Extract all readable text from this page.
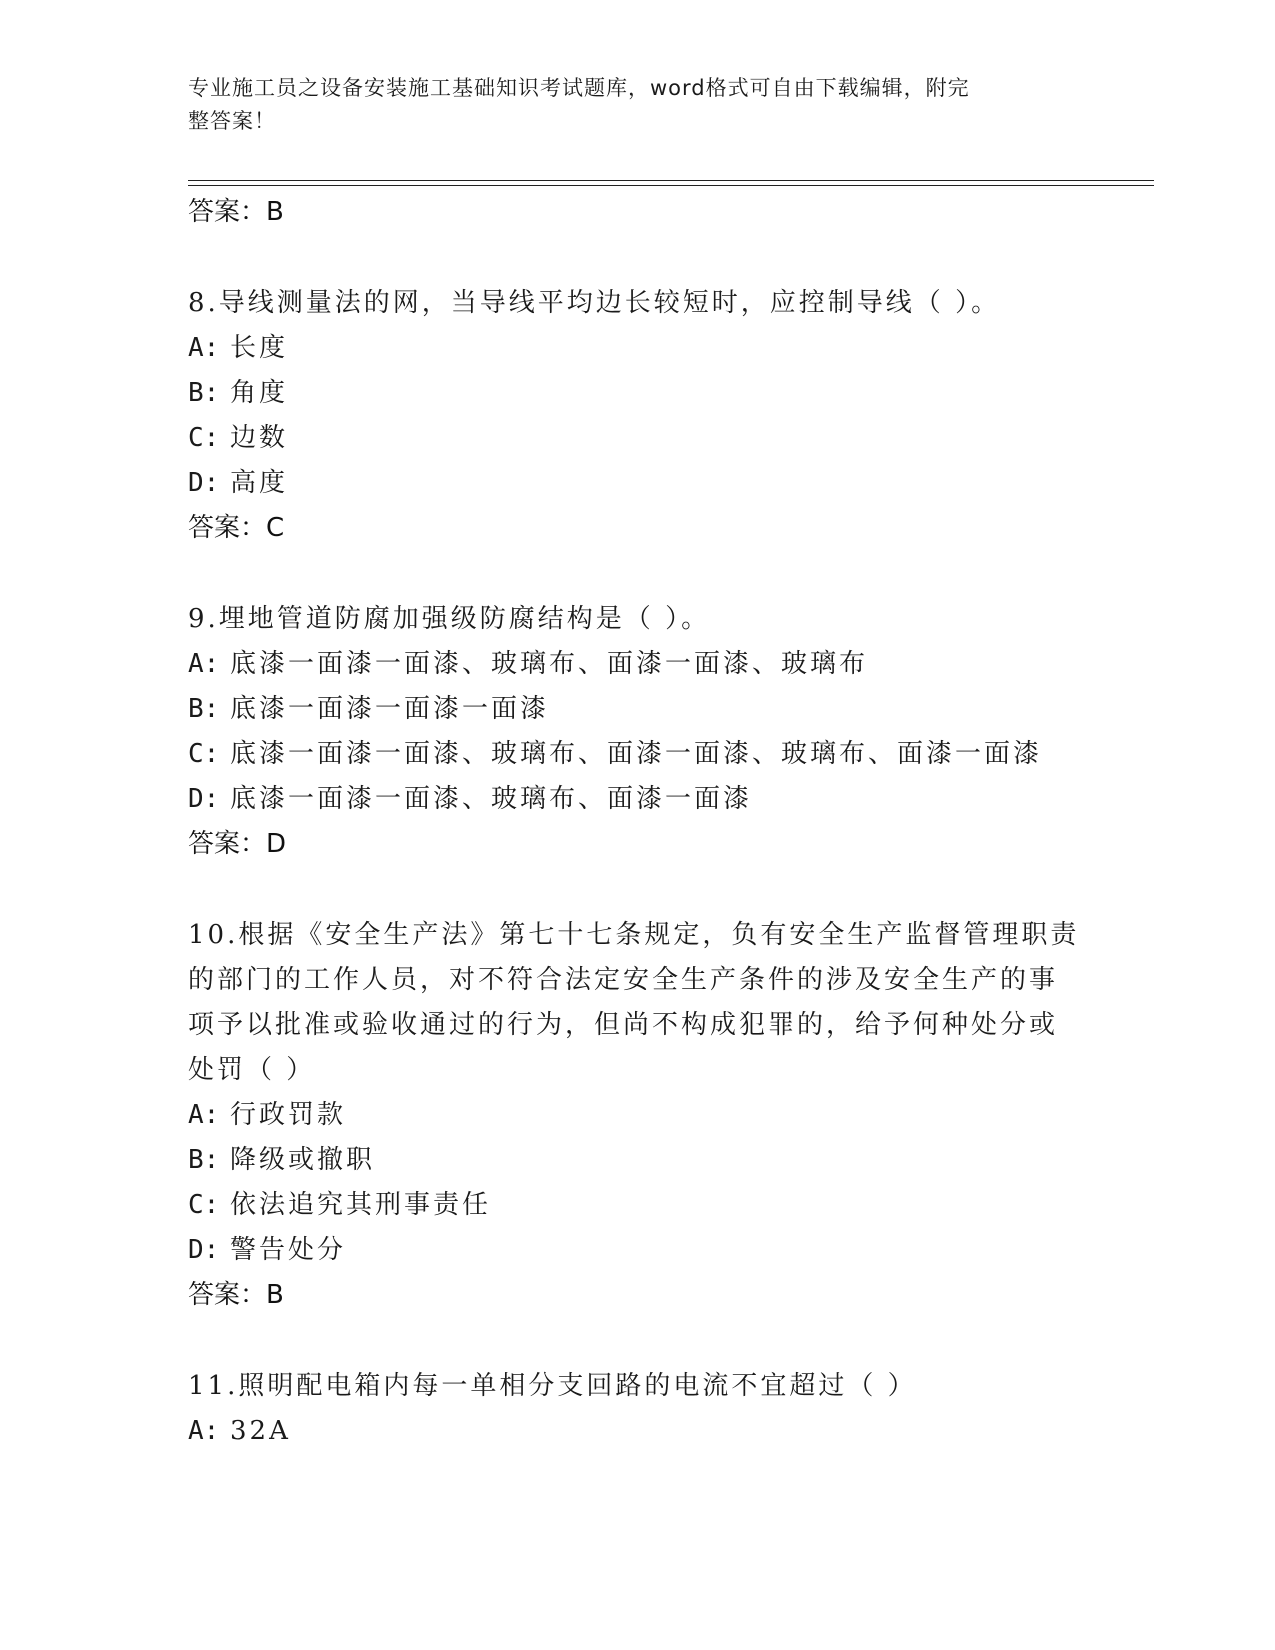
专业施工员之设备安装施工基础知识考试题库，word格式可自由下载编辑，附完
整答案！
答案：B
8.导线测量法的网，当导线平均边长较短时，应控制导线（ ）。
A: 长度
B: 角度
C: 边数
D: 高度
答案：C
9.埋地管道防腐加强级防腐结构是（ ）。
A: 底漆一面漆一面漆、玻璃布、面漆一面漆、玻璃布
B: 底漆一面漆一面漆一面漆
C: 底漆一面漆一面漆、玻璃布、面漆一面漆、玻璃布、面漆一面漆
D: 底漆一面漆一面漆、玻璃布、面漆一面漆
答案：D
10.根据《安全生产法》第七十七条规定，负有安全生产监督管理职责
的部门的工作人员，对不符合法定安全生产条件的涉及安全生产的事
项予以批准或验收通过的行为，但尚不构成犯罪的，给予何种处分或
处罚（ ）
A: 行政罚款
B: 降级或撤职
C: 依法追究其刑事责任
D: 警告处分
答案：B
11.照明配电箱内每一单相分支回路的电流不宜超过（ ）
A: 32A
